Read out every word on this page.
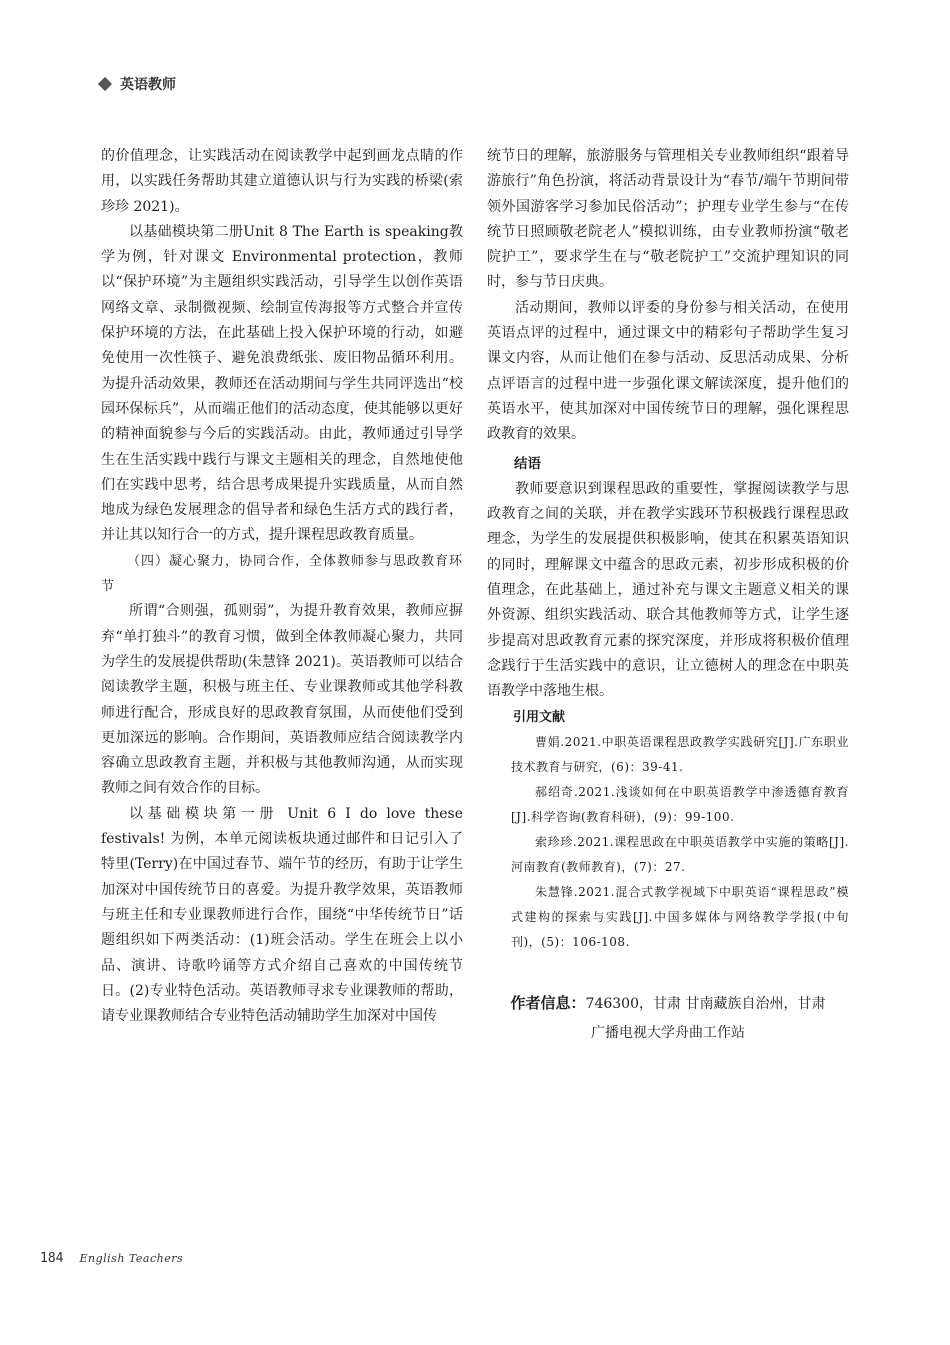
英语教师

的价值理念，让实践活动在阅读教学中起到画龙点睛的作用，以实践任务帮助其建立道德认识与行为实践的桥梁(索珍珍 2021)。

以基础模块第二册Unit 8 The Earth is speaking教学为例，针对课文 Environmental protection，教师以“保护环境”为主题组织实践活动，引导学生以创作英语网络文章、录制微视频、绘制宣传海报等方式整合并宣传保护环境的方法，在此基础上投入保护环境的行动，如避免使用一次性筷子、避免浪费纸张、废旧物品循环利用。为提升活动效果，教师还在活动期间与学生共同评选出“校园环保标兵”，从而端正他们的活动态度，使其能够以更好的精神面貌参与今后的实践活动。由此，教师通过引导学生在生活实践中践行与课文主题相关的理念，自然地使他们在实践中思考，结合思考成果提升实践质量，从而自然地成为绿色发展理念的倡导者和绿色生活方式的践行者，并让其以知行合一的方式，提升课程思政教育质量。

（四）凝心聚力，协同合作，全体教师参与思政教育环节

所谓“合则强，孤则弱”，为提升教育效果，教师应摒弃“单打独斗”的教育习惯，做到全体教师凝心聚力，共同为学生的发展提供帮助(朱慧锋 2021)。英语教师可以结合阅读教学主题，积极与班主任、专业课教师或其他学科教师进行配合，形成良好的思政教育氛围，从而使他们受到更加深远的影响。合作期间，英语教师应结合阅读教学内容确立思政教育主题，并积极与其他教师沟通，从而实现教师之间有效合作的目标。

以基础模块第一册 Unit 6 I do love these festivals! 为例，本单元阅读板块通过邮件和日记引入了特里(Terry)在中国过春节、端午节的经历，有助于让学生加深对中国传统节日的喜爱。为提升教学效果，英语教师与班主任和专业课教师进行合作，围绕“中华传统节日”话题组织如下两类活动：(1)班会活动。学生在班会上以小品、演讲、诗歌吟诵等方式介绍自己喜欢的中国传统节日。(2)专业特色活动。英语教师寻求专业课教师的帮助，请专业课教师结合专业特色活动辅助学生加深对中国传

统节日的理解，旅游服务与管理相关专业教师组织“跟着导游旅行”角色扮演，将活动背景设计为“春节/端午节期间带领外国游客学习参加民俗活动”；护理专业学生参与“在传统节日照顾敬老院老人”模拟训练，由专业教师扮演“敬老院护工”，要求学生在与“敬老院护工”交流护理知识的同时，参与节日庆典。

活动期间，教师以评委的身份参与相关活动，在使用英语点评的过程中，通过课文中的精彩句子帮助学生复习课文内容，从而让他们在参与活动、反思活动成果、分析点评语言的过程中进一步强化课文解读深度，提升他们的英语水平，使其加深对中国传统节日的理解，强化课程思政教育的效果。

结语

教师要意识到课程思政的重要性，掌握阅读教学与思政教育之间的关联，并在教学实践环节积极践行课程思政理念，为学生的发展提供积极影响，使其在积累英语知识的同时，理解课文中蕴含的思政元素，初步形成积极的价值理念，在此基础上，通过补充与课文主题意义相关的课外资源、组织实践活动、联合其他教师等方式，让学生逐步提高对思政教育元素的探究深度，并形成将积极价值理念践行于生活实践中的意识，让立德树人的理念在中职英语教学中落地生根。

引用文献

曹娟.2021.中职英语课程思政教学实践研究[J].广东职业技术教育与研究，(6)：39-41.

郝绍奇.2021.浅谈如何在中职英语教学中渗透德育教育[J].科学咨询(教育科研)，(9)：99-100.

索珍珍.2021.课程思政在中职英语教学中实施的策略[J].河南教育(教师教育)，(7)：27.

朱慧锋.2021.混合式教学视域下中职英语“课程思政”模式建构的探索与实践[J].中国多媒体与网络教学学报(中旬刊)，(5)：106-108.

作者信息：746300，甘肃 甘南藏族自治州，甘肃
广播电视大学舟曲工作站
184 English Teachers
